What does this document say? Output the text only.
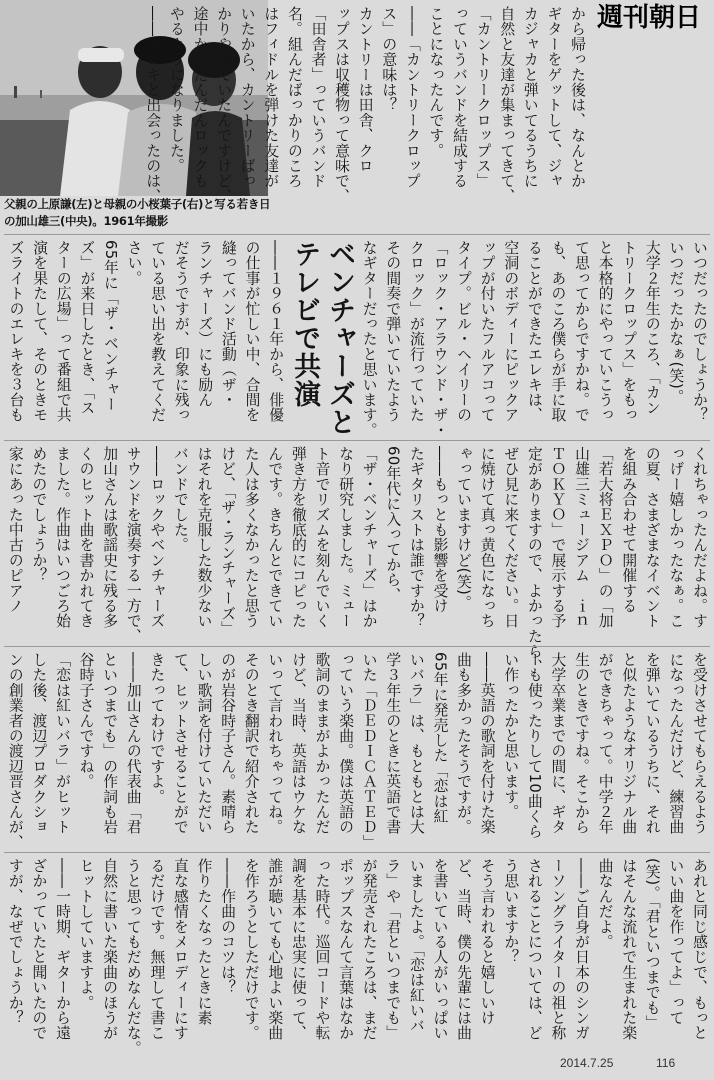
父親の上原謙(左)と母親の小桜葉子(右)と写る若き日の加山雄三(中央)。1961年撮影
週刊朝日
から帰った後は、なんとか
ギターをゲットして、ジャ
カジャカと弾いてるうちに
自然と友達が集まってきて、
「カントリークロップス」
っていうバンドを結成する
ことになったんです。
――「カントリークロップ
ス」の意味は？
カントリーは田舎、クロ
ップスは収穫物って意味で、
「田舎者」っていうバンド
名。組んだばっかりのころ
はフィドルを弾けた友達が
いたから、カントリーばっ
かりやっていたんですけど、
途中からだんだんロックも
やるようになりました。
――エレキと出会ったのは、
いつだったのでしょうか？
いつだったかなぁ(笑)。
大学２年生のころ、「カン
トリークロップス」をもっ
と本格的にやっていこうっ
て思ってからですかね。で
も、あのころ僕らが手に取
ることができたエレキは、
空洞のボディーにピックア
ップが付いたフルアコって
タイプ。ビル・ヘイリーの
「ロック・アラウンド・ザ・
クロック」が流行っていた
その間奏で弾いていたよう
なギターだったと思います。
ベンチャーズと
テレビで共演
――１９６１年から、俳優
の仕事が忙しい中、合間を
縫ってバンド活動（ザ・
ランチャーズ）にも励ん
だそうですが、印象に残っ
ている思い出を教えてくだ
さい。
65年に「ザ・ベンチャー
ズ」が来日したとき、「ス
ターの広場」って番組で共
演を果たして、そのときモ
ズライトのエレキを３台も
くれちゃったんだよね。す
っげー嬉しかったなぁ。こ
の夏、さまざまなイベント
を組み合わせて開催する
「若大将ＥＸＰＯ」の「加
山雄三ミュージアム　ｉｎ
ＴＯＫＹＯ」で展示する予
定がありますので、よかったら、
ぜひ見に来てください。日
に焼けて真っ黄色になっち
ゃっていますけど(笑)。
――もっとも影響を受け
たギタリストは誰ですか？
60年代に入ってから、
「ザ・ベンチャーズ」はか
なり研究しました。ミュー
ト音でリズムを刻んでいく
弾き方を徹底的にコピった
んです。きちんとできてい
た人は多くなかったと思う
けど、「ザ・ランチャーズ」
はそれを克服した数少ない
バンドでした。
――ロックやベンチャーズ
サウンドを演奏する一方で、
加山さんは歌謡史に残る多
くのヒット曲を書かれてき
ました。作曲はいつごろ始
めたのでしょうか？
家にあった中古のピアノ
を受けさせてもらえるよう
になったんだけど、練習曲
を弾いているうちに、それ
と似たようなオリジナル曲
ができちゃって。中学２年
生のときですね。そこから
大学卒業までの間に、ギタ
ーも使ったりして10曲くら
い作ったかと思います。
――英語の歌詞を付けた楽
曲も多かったそうですが。
65年に発売した「恋は紅
いバラ」は、もともとは大
学３年生のときに英語で書
いた「ＤＥＤＩＣＡＴＥＤ」
っていう楽曲。僕は英語の
歌詞のままがよかったんだ
けど、当時、英語はウケな
いって言われちゃってね。
そのとき翻訳で紹介された
のが岩谷時子さん。素晴ら
しい歌詞を付けていただい
て、ヒットさせることがで
きたってわけですよ。
――加山さんの代表曲「君
といつまでも」の作詞も岩
谷時子さんですね。
「恋は紅いバラ」がヒット
した後、渡辺プロダクショ
ンの創業者の渡辺晋さんが、
あれと同じ感じで、もっと
いい曲を作ってよ」って
(笑)。「君といつまでも」
はそんな流れで生まれた楽
曲なんだよ。
――ご自身が日本のシンガ
ーソングライターの祖と称
されることについては、ど
う思いますか？
そう言われると嬉しいけ
ど、当時、僕の先輩には曲
を書いている人がいっぱい
いましたよ。「恋は紅いバ
ラ」や「君といつまでも」
が発売されたころは、まだ
ポップスなんて言葉はなか
った時代。巡回コードや転
調を基本に忠実に使って、
誰が聴いても心地よい楽曲
を作ろうとしただけです。
――作曲のコツは？
作りたくなったときに素
直な感情をメロディーにす
るだけです。無理して書こ
うと思ってもだめなんだな。
自然に書いた楽曲のほうが
ヒットしていますよ。
――一時期、ギターから遠
ざかっていたと聞いたので
すが、なぜでしょうか？
2014.7.25	116
